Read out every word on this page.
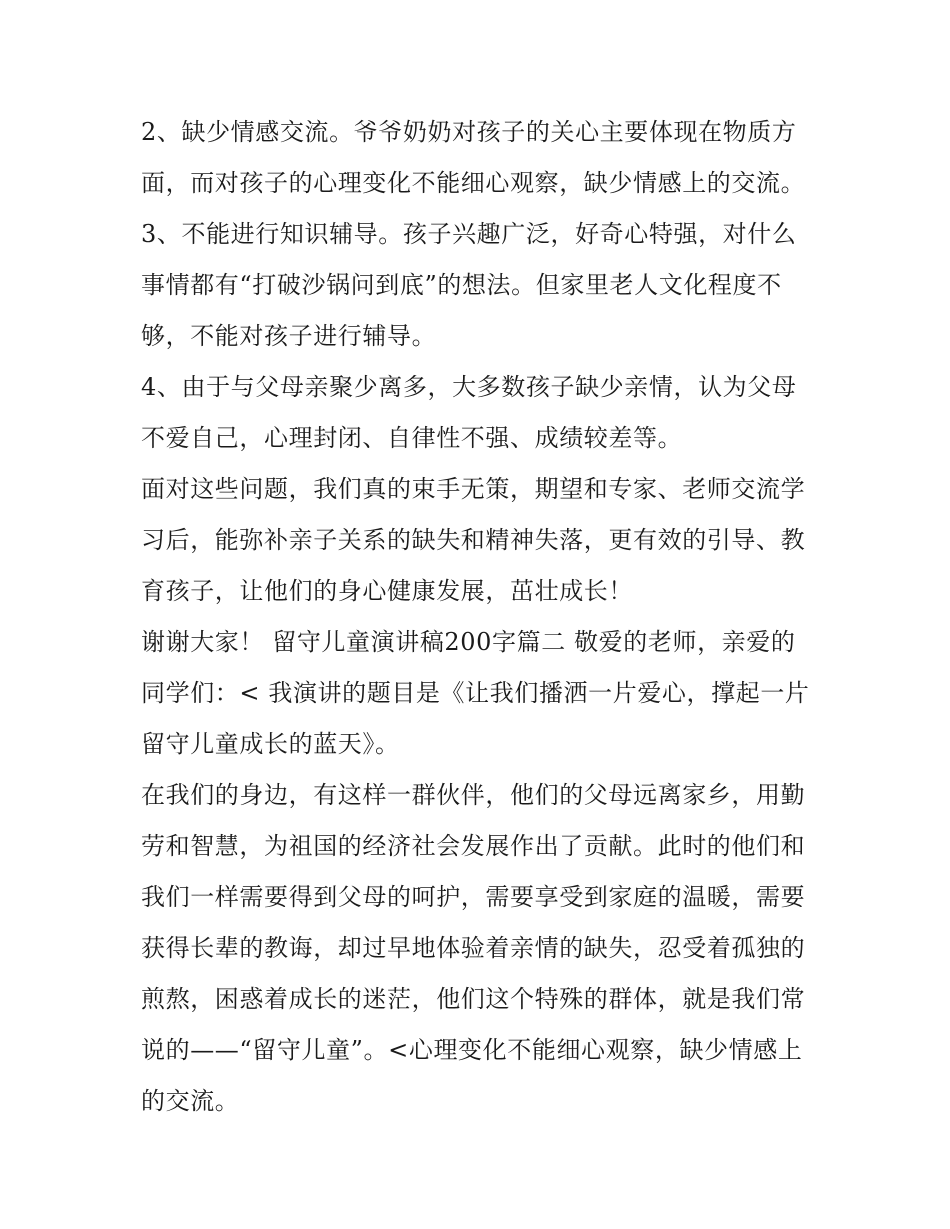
2、缺少情感交流。爷爷奶奶对孩子的关心主要体现在物质方
面，而对孩子的心理变化不能细心观察，缺少情感上的交流。
3、不能进行知识辅导。孩子兴趣广泛，好奇心特强，对什么
事情都有“打破沙锅问到底”的想法。但家里老人文化程度不
够，不能对孩子进行辅导。
4、由于与父母亲聚少离多，大多数孩子缺少亲情，认为父母
不爱自己，心理封闭、自律性不强、成绩较差等。
面对这些问题，我们真的束手无策，期望和专家、老师交流学
习后，能弥补亲子关系的缺失和精神失落，更有效的引导、教
育孩子，让他们的身心健康发展，茁壮成长！
谢谢大家！ 留守儿童演讲稿200字篇二 敬爱的老师，亲爱的
同学们：< 我演讲的题目是《让我们播洒一片爱心，撑起一片
留守儿童成长的蓝天》。
在我们的身边，有这样一群伙伴，他们的父母远离家乡，用勤
劳和智慧，为祖国的经济社会发展作出了贡献。此时的他们和
我们一样需要得到父母的呵护，需要享受到家庭的温暖，需要
获得长辈的教诲，却过早地体验着亲情的缺失，忍受着孤独的
煎熬，困惑着成长的迷茫，他们这个特殊的群体，就是我们常
说的——“留守儿童”。<心理变化不能细心观察，缺少情感上
的交流。
